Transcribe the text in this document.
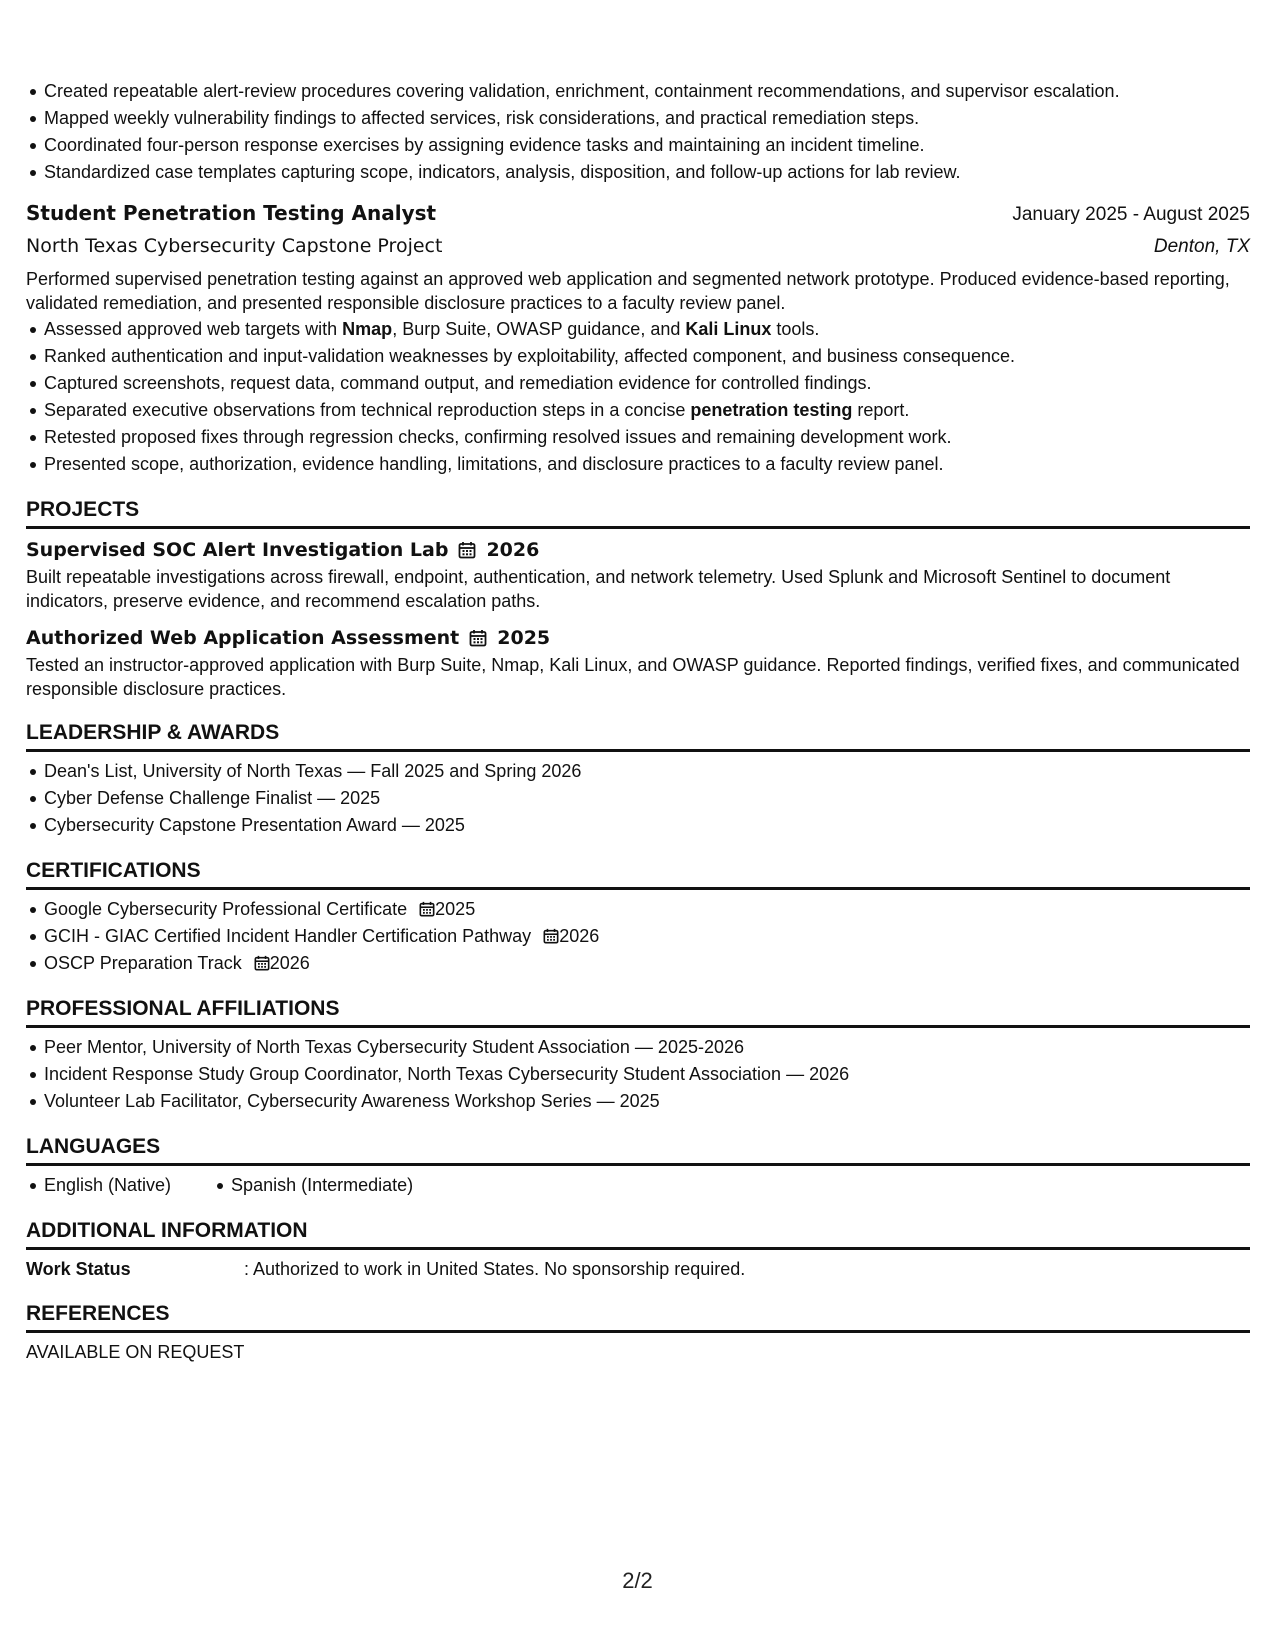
Created repeatable alert-review procedures covering validation, enrichment, containment recommendations, and supervisor escalation.
Mapped weekly vulnerability findings to affected services, risk considerations, and practical remediation steps.
Coordinated four-person response exercises by assigning evidence tasks and maintaining an incident timeline.
Standardized case templates capturing scope, indicators, analysis, disposition, and follow-up actions for lab review.
Student Penetration Testing Analyst	January 2025 - August 2025
North Texas Cybersecurity Capstone Project	Denton, TX
Performed supervised penetration testing against an approved web application and segmented network prototype. Produced evidence-based reporting, validated remediation, and presented responsible disclosure practices to a faculty review panel.
Assessed approved web targets with Nmap, Burp Suite, OWASP guidance, and Kali Linux tools.
Ranked authentication and input-validation weaknesses by exploitability, affected component, and business consequence.
Captured screenshots, request data, command output, and remediation evidence for controlled findings.
Separated executive observations from technical reproduction steps in a concise penetration testing report.
Retested proposed fixes through regression checks, confirming resolved issues and remaining development work.
Presented scope, authorization, evidence handling, limitations, and disclosure practices to a faculty review panel.
PROJECTS
Supervised SOC Alert Investigation Lab 2026
Built repeatable investigations across firewall, endpoint, authentication, and network telemetry. Used Splunk and Microsoft Sentinel to document indicators, preserve evidence, and recommend escalation paths.
Authorized Web Application Assessment 2025
Tested an instructor-approved application with Burp Suite, Nmap, Kali Linux, and OWASP guidance. Reported findings, verified fixes, and communicated responsible disclosure practices.
LEADERSHIP & AWARDS
Dean's List, University of North Texas — Fall 2025 and Spring 2026
Cyber Defense Challenge Finalist — 2025
Cybersecurity Capstone Presentation Award — 2025
CERTIFICATIONS
Google Cybersecurity Professional Certificate 2025
GCIH - GIAC Certified Incident Handler Certification Pathway 2026
OSCP Preparation Track 2026
PROFESSIONAL AFFILIATIONS
Peer Mentor, University of North Texas Cybersecurity Student Association — 2025-2026
Incident Response Study Group Coordinator, North Texas Cybersecurity Student Association — 2026
Volunteer Lab Facilitator, Cybersecurity Awareness Workshop Series — 2025
LANGUAGES
English (Native)	Spanish (Intermediate)
ADDITIONAL INFORMATION
Work Status	: Authorized to work in United States. No sponsorship required.
REFERENCES
AVAILABLE ON REQUEST
2/2
